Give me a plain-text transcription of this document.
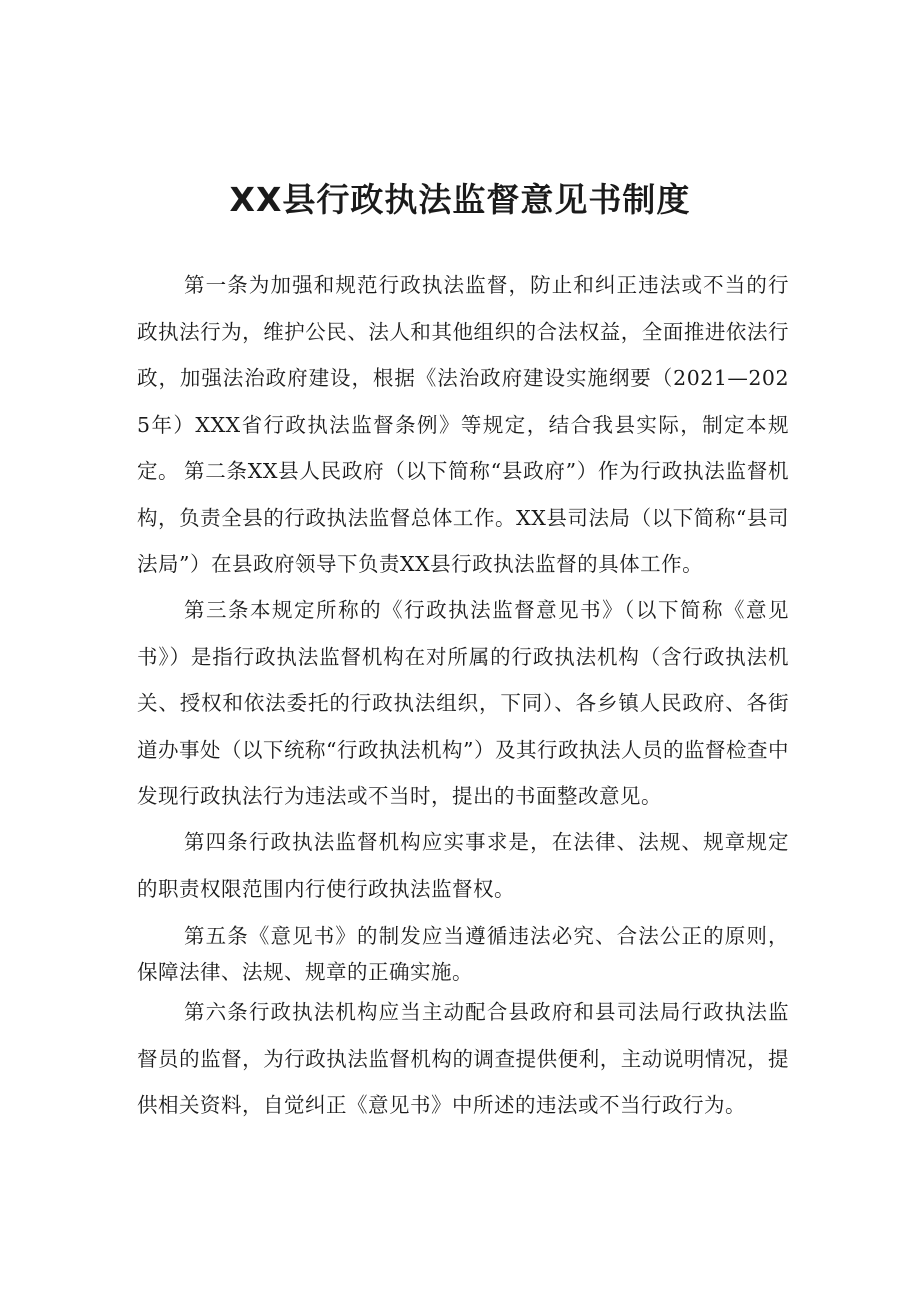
XX县行政执法监督意见书制度

第一条为加强和规范行政执法监督，防止和纠正违法或不当的行政执法行为，维护公民、法人和其他组织的合法权益，全面推进依法行政，加强法治政府建设，根据《法治政府建设实施纲要（2021—2025年）XXX省行政执法监督条例》等规定，结合我县实际，制定本规定。 第二条XX县人民政府（以下简称“县政府”）作为行政执法监督机构，负责全县的行政执法监督总体工作。XX县司法局（以下简称“县司法局”）在县政府领导下负责XX县行政执法监督的具体工作。

第三条本规定所称的《行政执法监督意见书》（以下简称《意见书》）是指行政执法监督机构在对所属的行政执法机构（含行政执法机关、授权和依法委托的行政执法组织，下同）、各乡镇人民政府、各街道办事处（以下统称“行政执法机构”）及其行政执法人员的监督检查中发现行政执法行为违法或不当时，提出的书面整改意见。

第四条行政执法监督机构应实事求是，在法律、法规、规章规定的职责权限范围内行使行政执法监督权。

第五条《意见书》的制发应当遵循违法必究、合法公正的原则，保障法律、法规、规章的正确实施。

第六条行政执法机构应当主动配合县政府和县司法局行政执法监督员的监督，为行政执法监督机构的调查提供便利，主动说明情况，提供相关资料，自觉纠正《意见书》中所述的违法或不当行政行为。
